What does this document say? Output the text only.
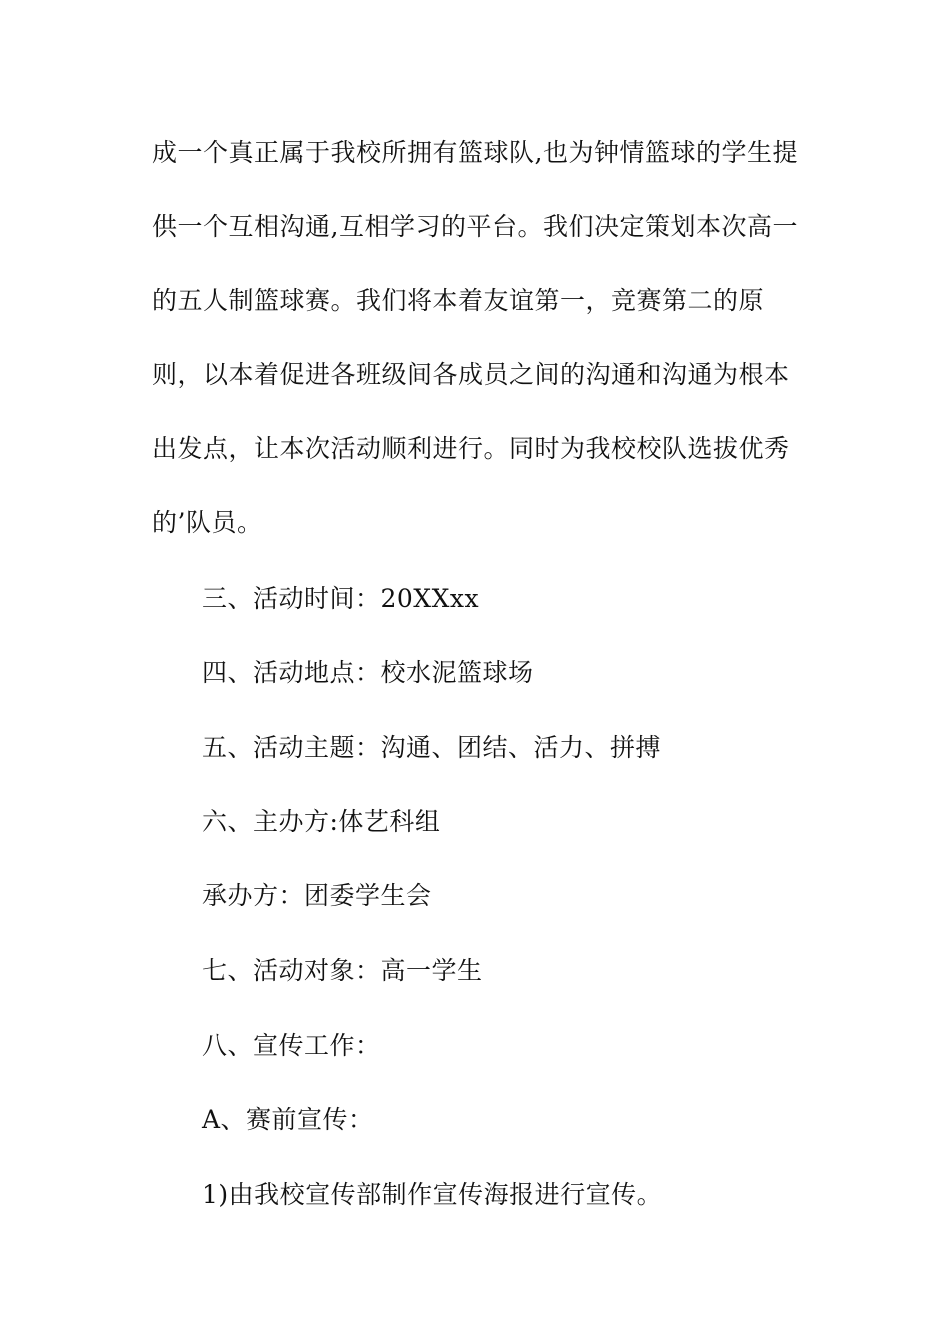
成一个真正属于我校所拥有篮球队,也为钟情篮球的学生提
供一个互相沟通,互相学习的平台。我们决定策划本次高一
的五人制篮球赛。我们将本着友谊第一，竞赛第二的原
则，以本着促进各班级间各成员之间的沟通和沟通为根本
出发点，让本次活动顺利进行。同时为我校校队选拔优秀
的’队员。
三、活动时间：20XXxx
四、活动地点：校水泥篮球场
五、活动主题：沟通、团结、活力、拼搏
六、主办方:体艺科组
承办方：团委学生会
七、活动对象：高一学生
八、宣传工作：
A、赛前宣传：
1)由我校宣传部制作宣传海报进行宣传。
